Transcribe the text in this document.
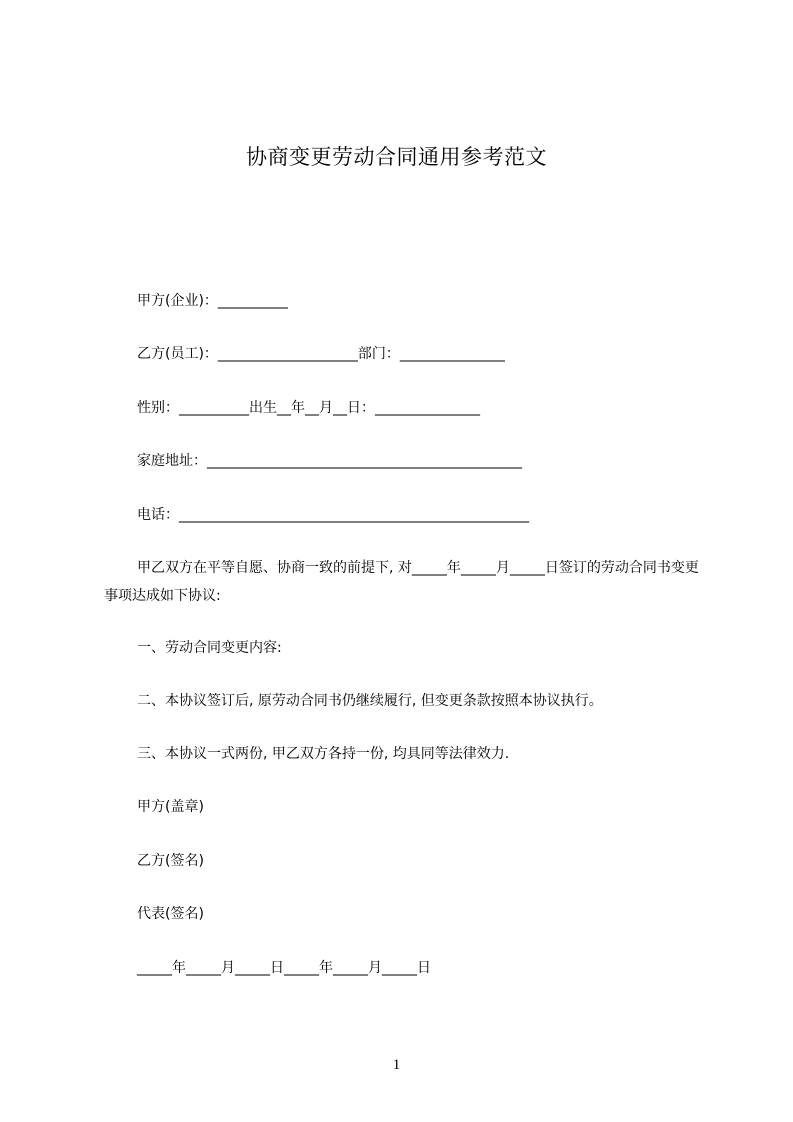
协商变更劳动合同通用参考范文
甲方(企业)：__________
乙方(员工)：____________________部门：_______________
性别：__________出生__年__月__日：_______________
家庭地址：_____________________________________________
电话：__________________________________________________
甲乙双方在平等自愿、协商一致的前提下, 对_____年_____月_____日签订的劳动合同书变更事项达成如下协议:
一、劳动合同变更内容:
二、本协议签订后, 原劳动合同书仍继续履行, 但变更条款按照本协议执行。
三、本协议一式两份, 甲乙双方各持一份, 均具同等法律效力.
甲方(盖章)
乙方(签名)
代表(签名)
_____年_____月_____日_____年_____月_____日
1
